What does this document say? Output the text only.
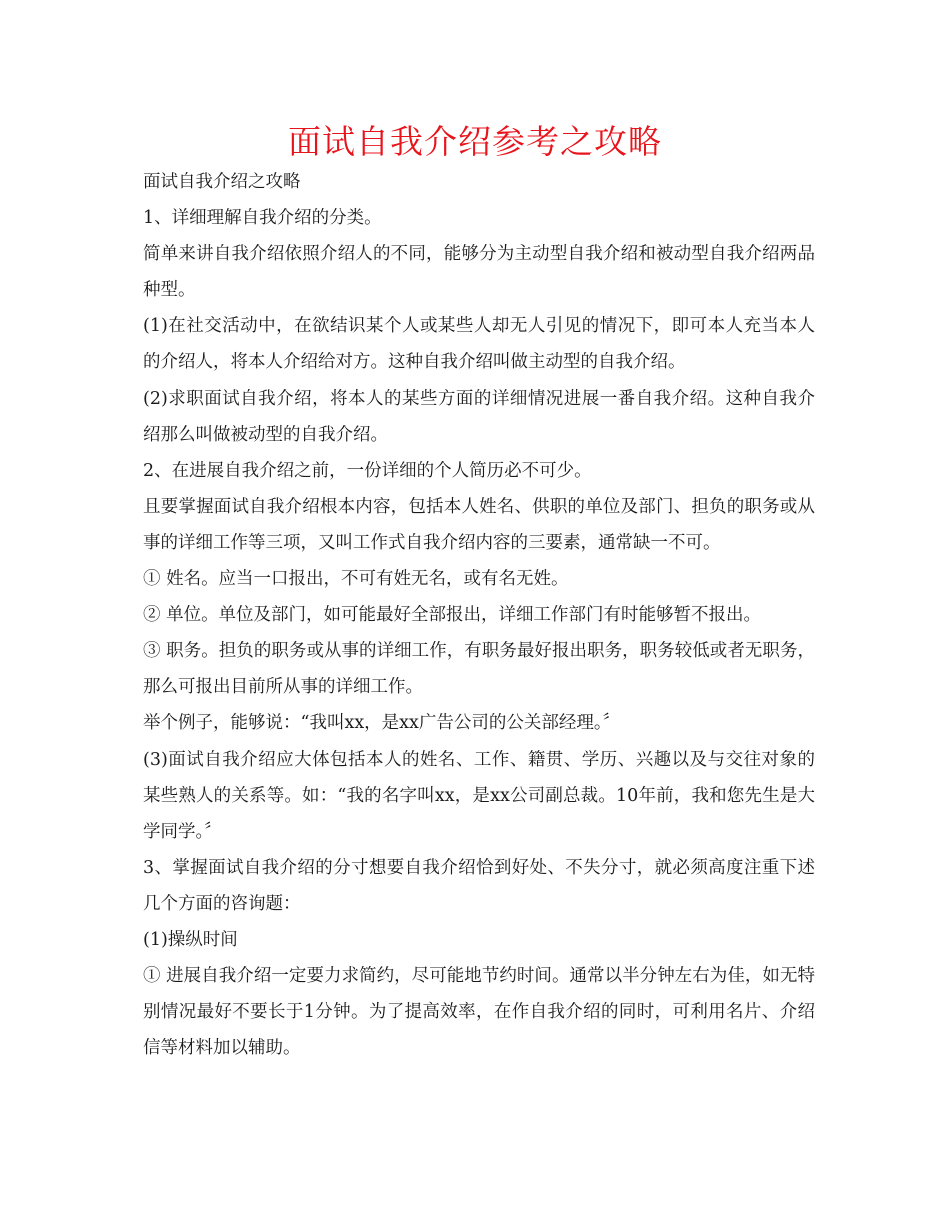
面试自我介绍参考之攻略

面试自我介绍之攻略

1、详细理解自我介绍的分类。

简单来讲自我介绍依照介绍人的不同，能够分为主动型自我介绍和被动型自我介绍两品种型。

(1)在社交活动中，在欲结识某个人或某些人却无人引见的情况下，即可本人充当本人的介绍人，将本人介绍给对方。这种自我介绍叫做主动型的自我介绍。

(2)求职面试自我介绍，将本人的某些方面的详细情况进展一番自我介绍。这种自我介绍那么叫做被动型的自我介绍。

2、在进展自我介绍之前，一份详细的个人简历必不可少。

且要掌握面试自我介绍根本内容，包括本人姓名、供职的单位及部门、担负的职务或从事的详细工作等三项，又叫工作式自我介绍内容的三要素，通常缺一不可。

① 姓名。应当一口报出，不可有姓无名，或有名无姓。

② 单位。单位及部门，如可能最好全部报出，详细工作部门有时能够暂不报出。

③ 职务。担负的职务或从事的详细工作，有职务最好报出职务，职务较低或者无职务，那么可报出目前所从事的详细工作。

举个例子，能够说：“我叫xx，是xx广告公司的公关部经理。〞

(3)面试自我介绍应大体包括本人的姓名、工作、籍贯、学历、兴趣以及与交往对象的某些熟人的关系等。如：“我的名字叫xx，是xx公司副总裁。10年前，我和您先生是大学同学。〞

3、掌握面试自我介绍的分寸想要自我介绍恰到好处、不失分寸，就必须高度注重下述几个方面的咨询题：

(1)操纵时间

① 进展自我介绍一定要力求简约，尽可能地节约时间。通常以半分钟左右为佳，如无特别情况最好不要长于1分钟。为了提高效率，在作自我介绍的同时，可利用名片、介绍信等材料加以辅助。
